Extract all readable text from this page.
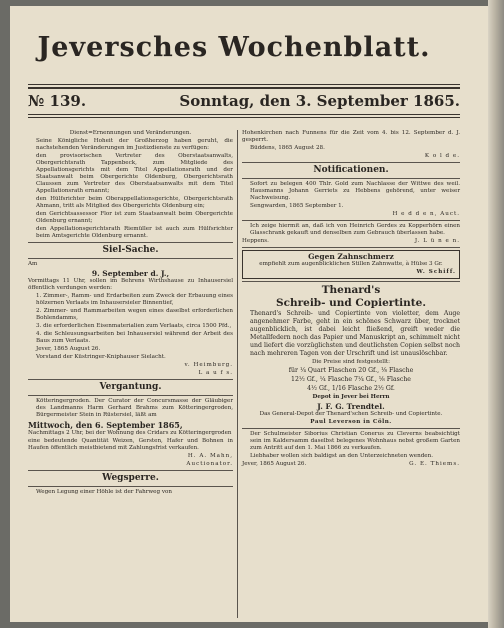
Jeversches Wochenblatt.
№ 139.	Sonntag, den 3. September 1865.

Dienst=Ernennungen und Veränderungen.

Seine Königliche Hoheit der Großherzog haben geruht, die nachstehenden Veränderungen im Justizdienste zu verfügen:

den provisorischen Vertreter des Oberstaatsanwalts, Obergerichtsrath Tappenbeck, zum Mitgliede des Appellationsgerichts mit dem Titel Appellationsrath und der Staatsanwalt beim Obergerichte Oldenburg, Obergerichtsrath Claussen zum Vertreter des Oberstaatsanwalts mit dem Titel Appellationsrath ernannt;

den Hülfsrichter beim Oberappellationsgerichte, Obergerichtsrath Ahmann, tritt als Mitglied des Obergerichts Oldenburg ein;

den Gerichtsassessor Flor ist zum Staatsanwalt beim Obergerichte Oldenburg ernannt;

den Appellationsgerichtsrath Riemüller ist auch zum Hülfsrichter beim Amtsgerichte Oldenburg ernannt.

Siel-Sache.

Am

9. September d. J.,

Vormittags 11 Uhr, sollen im Behrens Wirthshause zu Inhausersiel öffentlich verdungen werden:

1. Zimmer-, Ramm- und Erdarbeiten zum Zweck der Erbauung eines hölzernen Verlaats im Inhausersieler Binnentief,

2. Zimmer- und Rammarbeiten wegen eines daselbst erforderlichen Bohlendamms,

3. die erforderlichen Eisenmaterialien zum Verlaats, circa 1500 Pfd.,

4. die Schleusungsarbeiten bei Inhausersiel während der Arbeit des Baus zum Verlaats.

Jever, 1865 August 26.

Vorstand der Küstringer-Kniphauser Sielacht.

v. Heimburg.

L a u f s.

Vergantung.

Kötteringergroden. Der Curator der Concursmasse der Gläubiger des Landmanns Harm Gerhard Brahms zum Kötteringergroden, Bürgermeister Stein in Rüstersiel, läßt am

Mittwoch, den 6. September 1865,

Nachmittags 2 Uhr, bei der Wohnung des Cridars zu Kötteringergroden

eine bedeutende Quantität Weizen, Gersten, Hafer und Bohnen in Haufen öffentlich meistbietend mit Zahlungsfrist verkaufen.

H. A. Mahn,

Auctionator.

Wegsperre.

Wegen Legung einer Höhle ist der Fahrweg von

Hohenkirchen nach Funnens für die Zeit vom 4. bis 12. September d. J. gesperrt.

Büddens, 1865 August 28.

K o l d e.

Notificationen.

Sofort zu belegen 400 Thlr. Gold zum Nachlasse der Wittwe des weil. Hausmanns Johann Gerriets zu Hebbens gehörend, unter weiser Nachweisung.

Sengwarden, 1865 September 1.

H e d d e n, Auct.

Ich zeige hiermit an, daß ich von Heinrich Gerdes zu Kopperhörn einen Glasschrank gekauft und denselben zum Gebrauch überlassen habe.

Heppens.	J. L ü n e n.

Gegen Zahnschmerz

empfiehlt zum augenblicklichen Stillen Zahnwatte, à Hülse 3 Gr.

W. Schiff.

Thenard's
Schreib- und Copiertinte.

Thenard's Schreib- und Copiertinte von violetter, dem Auge angenehmer Farbe, geht in ein schönes Schwarz über, trocknet augenblicklich, ist dabei leicht fließend, greift weder die Metallfedern noch das Papier und Manuskript an, schimmelt nicht und liefert die vorzüglichsten und deutlichsten Copien selbst noch nach mehreren Tagen von der Urschrift und ist unauslöschbar.

Die Preise sind festgestellt:

für ¼ Quart Flaschen 20 Gf., ⅛ Flasche

12½ Gf., ¼ Flasche 7¼ Gf., ⅛ Flasche

4½ Gf., 1/16 Flasche 2½ Gf.

Depot in Jever bei Herrn

J. F. G. Trendtel.

Das General-Depot der Thenard'schen Schreib- und Copiertinte.

Paul Leverson in Cöln.

Der Schulmeister Siborius Christian Conerus zu Cleverns beabsichtigt sein im Kaldersamm daselbst belegenes Wohnhaus nebst großem Garten zum Antritt auf den 1. Mai 1866 zu verkaufen.

Liebhaber wollen sich baldigst an den Unterzeichneten wenden.

Jever, 1865 August 26.	G. E. Thiems.
